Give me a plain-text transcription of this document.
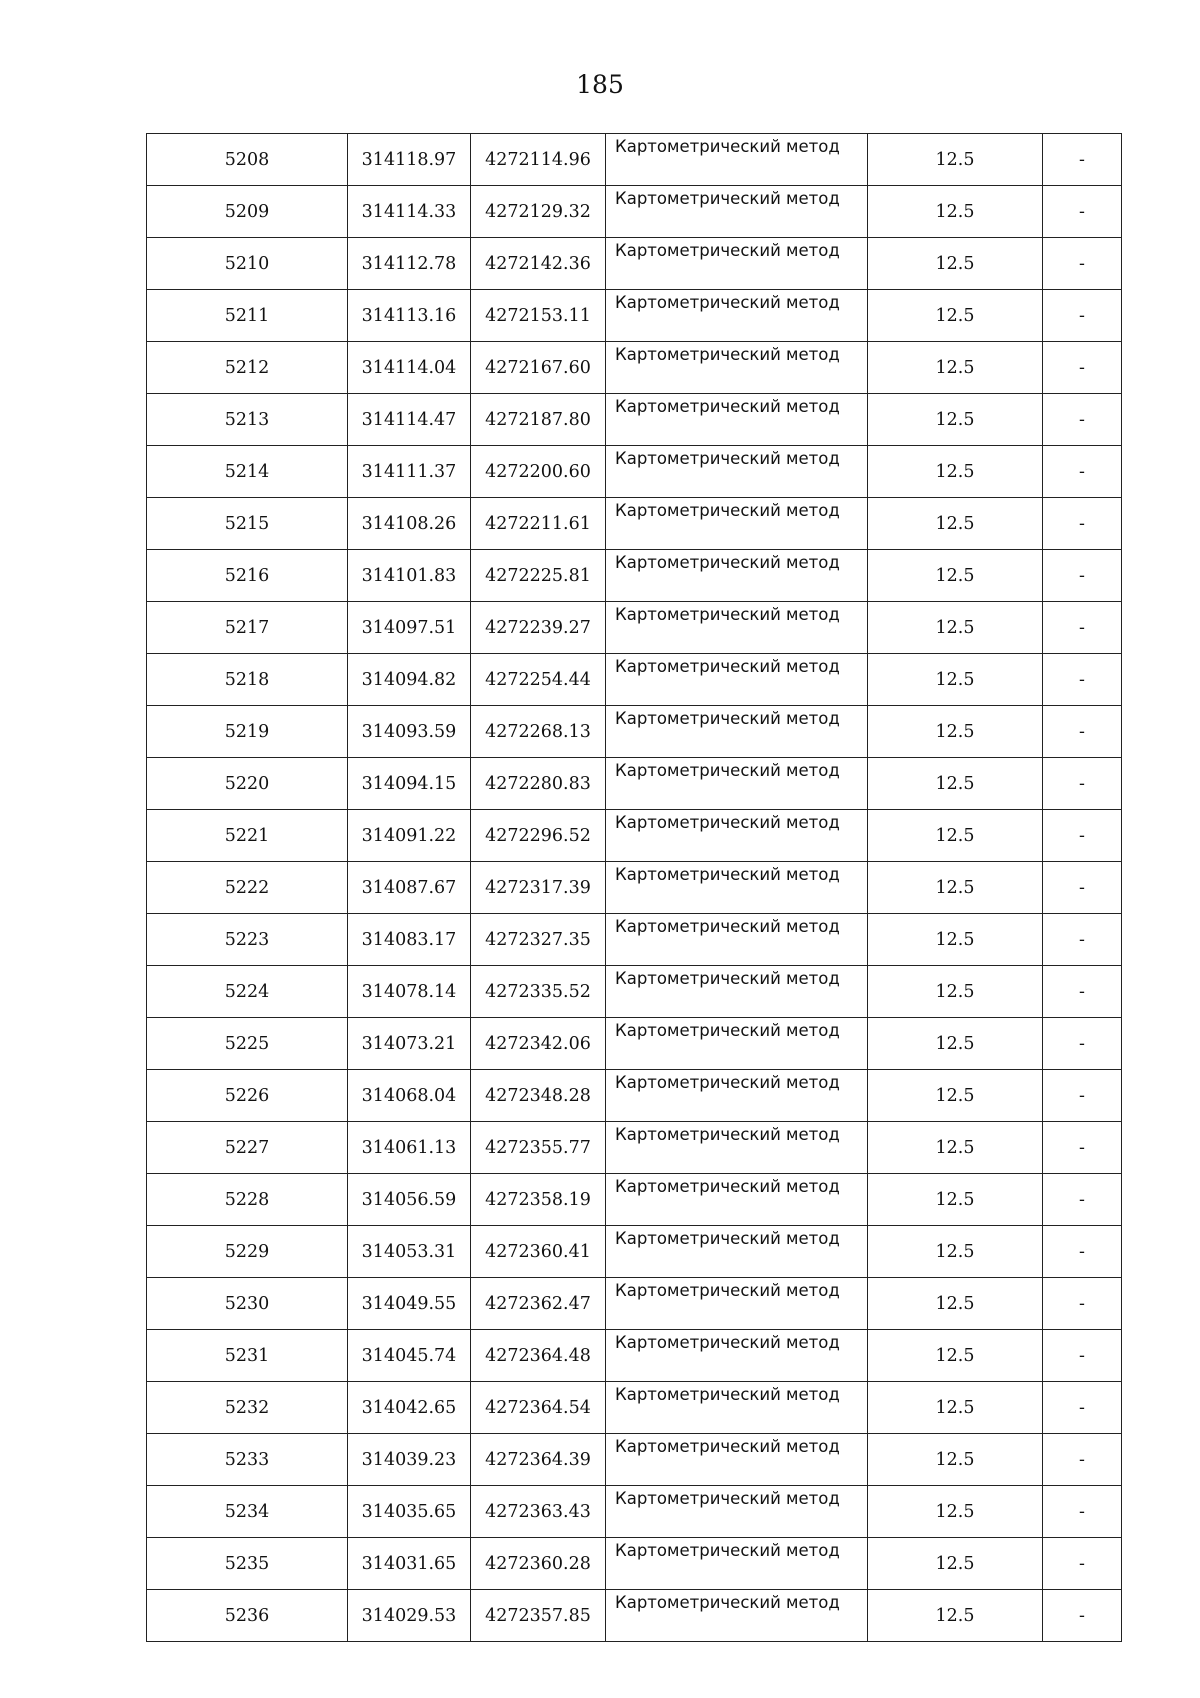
185
5208	314118.97	4272114.96	Картометрический метод	12.5	-
5209	314114.33	4272129.32	Картометрический метод	12.5	-
5210	314112.78	4272142.36	Картометрический метод	12.5	-
5211	314113.16	4272153.11	Картометрический метод	12.5	-
5212	314114.04	4272167.60	Картометрический метод	12.5	-
5213	314114.47	4272187.80	Картометрический метод	12.5	-
5214	314111.37	4272200.60	Картометрический метод	12.5	-
5215	314108.26	4272211.61	Картометрический метод	12.5	-
5216	314101.83	4272225.81	Картометрический метод	12.5	-
5217	314097.51	4272239.27	Картометрический метод	12.5	-
5218	314094.82	4272254.44	Картометрический метод	12.5	-
5219	314093.59	4272268.13	Картометрический метод	12.5	-
5220	314094.15	4272280.83	Картометрический метод	12.5	-
5221	314091.22	4272296.52	Картометрический метод	12.5	-
5222	314087.67	4272317.39	Картометрический метод	12.5	-
5223	314083.17	4272327.35	Картометрический метод	12.5	-
5224	314078.14	4272335.52	Картометрический метод	12.5	-
5225	314073.21	4272342.06	Картометрический метод	12.5	-
5226	314068.04	4272348.28	Картометрический метод	12.5	-
5227	314061.13	4272355.77	Картометрический метод	12.5	-
5228	314056.59	4272358.19	Картометрический метод	12.5	-
5229	314053.31	4272360.41	Картометрический метод	12.5	-
5230	314049.55	4272362.47	Картометрический метод	12.5	-
5231	314045.74	4272364.48	Картометрический метод	12.5	-
5232	314042.65	4272364.54	Картометрический метод	12.5	-
5233	314039.23	4272364.39	Картометрический метод	12.5	-
5234	314035.65	4272363.43	Картометрический метод	12.5	-
5235	314031.65	4272360.28	Картометрический метод	12.5	-
5236	314029.53	4272357.85	Картометрический метод	12.5	-
